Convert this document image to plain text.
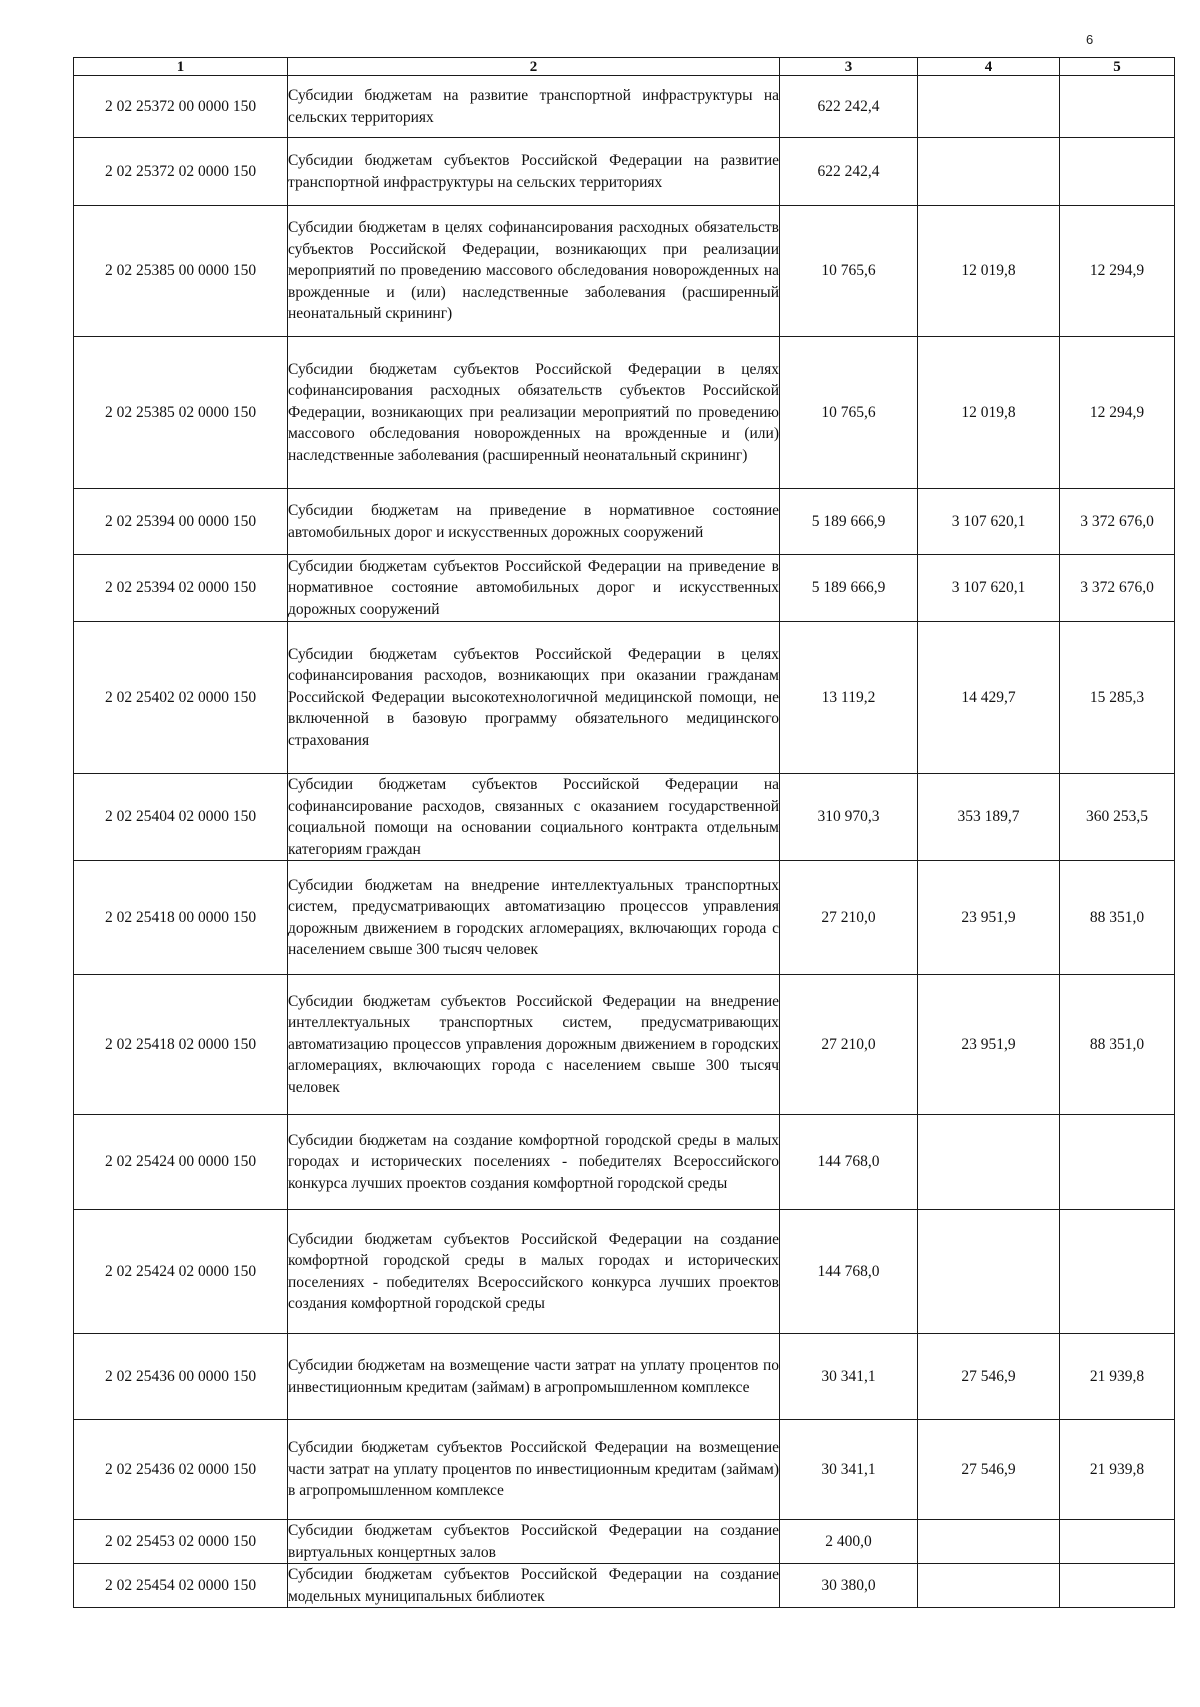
6
1	2	3	4	5
2 02 25372 00 0000 150	Субсидии бюджетам на развитие транспортной инфраструктуры на сельских территориях	622 242,4		
2 02 25372 02 0000 150	Субсидии бюджетам субъектов Российской Федерации на развитие транспортной инфраструктуры на сельских территориях	622 242,4		
2 02 25385 00 0000 150	Субсидии бюджетам в целях софинансирования расходных обязательств субъектов Российской Федерации, возникающих при реализации мероприятий по проведению массового обследования новорожденных на врожденные и (или) наследственные заболевания (расширенный неонатальный скрининг)	10 765,6	12 019,8	12 294,9
2 02 25385 02 0000 150	Субсидии бюджетам субъектов Российской Федерации в целях софинансирования расходных обязательств субъектов Российской Федерации, возникающих при реализации мероприятий по проведению массового обследования новорожденных на врожденные и (или) наследственные заболевания (расширенный неонатальный скрининг)	10 765,6	12 019,8	12 294,9
2 02 25394 00 0000 150	Субсидии бюджетам на приведение в нормативное состояние автомобильных дорог и искусственных дорожных сооружений	5 189 666,9	3 107 620,1	3 372 676,0
2 02 25394 02 0000 150	Субсидии бюджетам субъектов Российской Федерации на приведение в нормативное состояние автомобильных дорог и искусственных дорожных сооружений	5 189 666,9	3 107 620,1	3 372 676,0
2 02 25402 02 0000 150	Субсидии бюджетам субъектов Российской Федерации в целях софинансирования расходов, возникающих при оказании гражданам Российской Федерации высокотехнологичной медицинской помощи, не включенной в базовую программу обязательного медицинского страхования	13 119,2	14 429,7	15 285,3
2 02 25404 02 0000 150	Субсидии бюджетам субъектов Российской Федерации на софинансирование расходов, связанных с оказанием государственной социальной помощи на основании социального контракта отдельным категориям граждан	310 970,3	353 189,7	360 253,5
2 02 25418 00 0000 150	Субсидии бюджетам на внедрение интеллектуальных транспортных систем, предусматривающих автоматизацию процессов управления дорожным движением в городских агломерациях, включающих города с населением свыше 300 тысяч человек	27 210,0	23 951,9	88 351,0
2 02 25418 02 0000 150	Субсидии бюджетам субъектов Российской Федерации на внедрение интеллектуальных транспортных систем, предусматривающих автоматизацию процессов управления дорожным движением в городских агломерациях, включающих города с населением свыше 300 тысяч человек	27 210,0	23 951,9	88 351,0
2 02 25424 00 0000 150	Субсидии бюджетам на создание комфортной городской среды в малых городах и исторических поселениях - победителях Всероссийского конкурса лучших проектов создания комфортной городской среды	144 768,0		
2 02 25424 02 0000 150	Субсидии бюджетам субъектов Российской Федерации на создание комфортной городской среды в малых городах и исторических поселениях - победителях Всероссийского конкурса лучших проектов создания комфортной городской среды	144 768,0		
2 02 25436 00 0000 150	Субсидии бюджетам на возмещение части затрат на уплату процентов по инвестиционным кредитам (займам) в агропромышленном комплексе	30 341,1	27 546,9	21 939,8
2 02 25436 02 0000 150	Субсидии бюджетам субъектов Российской Федерации на возмещение части затрат на уплату процентов по инвестиционным кредитам (займам) в агропромышленном комплексе	30 341,1	27 546,9	21 939,8
2 02 25453 02 0000 150	Субсидии бюджетам субъектов Российской Федерации на создание виртуальных концертных залов	2 400,0		
2 02 25454 02 0000 150	Субсидии бюджетам субъектов Российской Федерации на создание модельных муниципальных библиотек	30 380,0		
